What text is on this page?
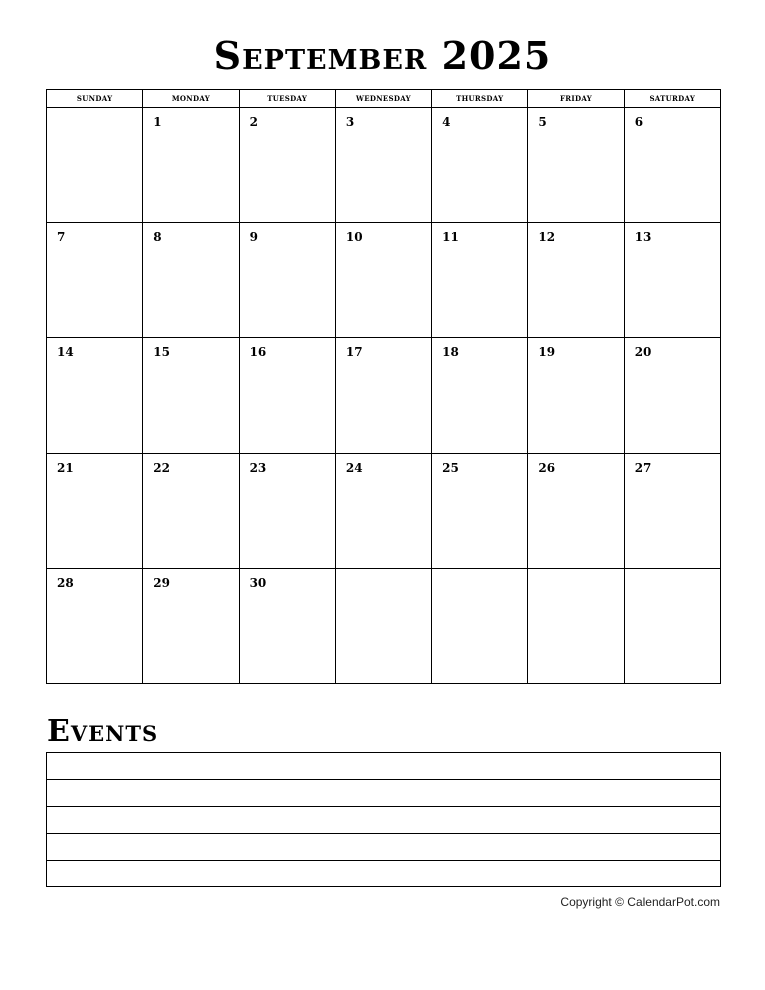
September 2025
SUNDAY	MONDAY	TUESDAY	WEDNESDAY	THURSDAY	FRIDAY	SATURDAY

	1	2	3	4	5	6

7	8	9	10	11	12	13

14	15	16	17	18	19	20

21	22	23	24	25	26	27

28	29	30				

Events
Copyright © CalendarPot.com
